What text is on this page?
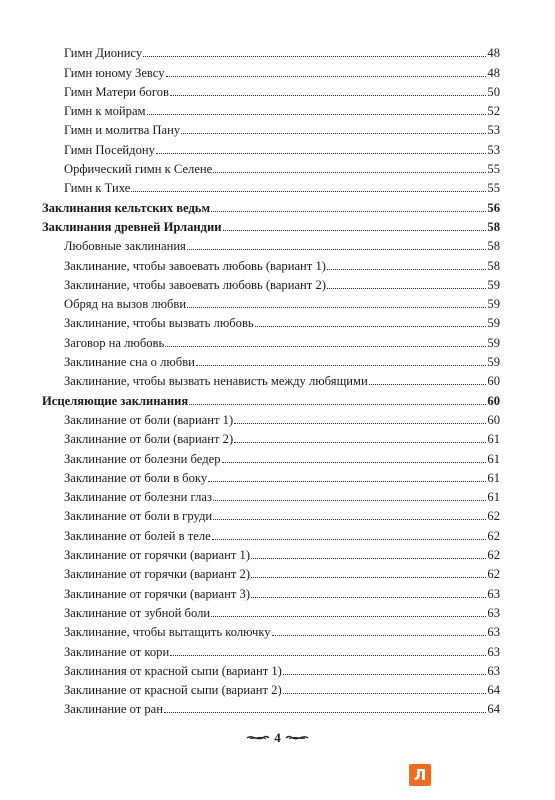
Гимн Дионису	48
Гимн юному Зевсу	48
Гимн Матери богов	50
Гимн к мойрам	52
Гимн и молитва Пану	53
Гимн Посейдону	53
Орфический гимн к Селене	55
Гимн к Тихе	55
Заклинания кельтских ведьм	56
Заклинания древней Ирландии	58
Любовные заклинания	58
Заклинание, чтобы завоевать любовь (вариант 1)	58
Заклинание, чтобы завоевать любовь (вариант 2)	59
Обряд на вызов любви	59
Заклинание, чтобы вызвать любовь	59
Заговор на любовь	59
Заклинание сна о любви	59
Заклинание, чтобы вызвать ненависть между любящими	60
Исцеляющие заклинания	60
Заклинание от боли (вариант 1)	60
Заклинание от боли (вариант 2)	61
Заклинание от болезни бедер	61
Заклинание от боли в боку	61
Заклинание от болезни глаз	61
Заклинание от боли в груди	62
Заклинание от болей в теле	62
Заклинание от горячки (вариант 1)	62
Заклинание от горячки (вариант 2)	62
Заклинание от горячки (вариант 3)	63
Заклинание от зубной боли	63
Заклинание, чтобы вытащить колючку	63
Заклинание от кори	63
Заклинания от красной сыпи (вариант 1)	63
Заклинание от красной сыпи (вариант 2)	64
Заклинание от ран	64
4
Л
